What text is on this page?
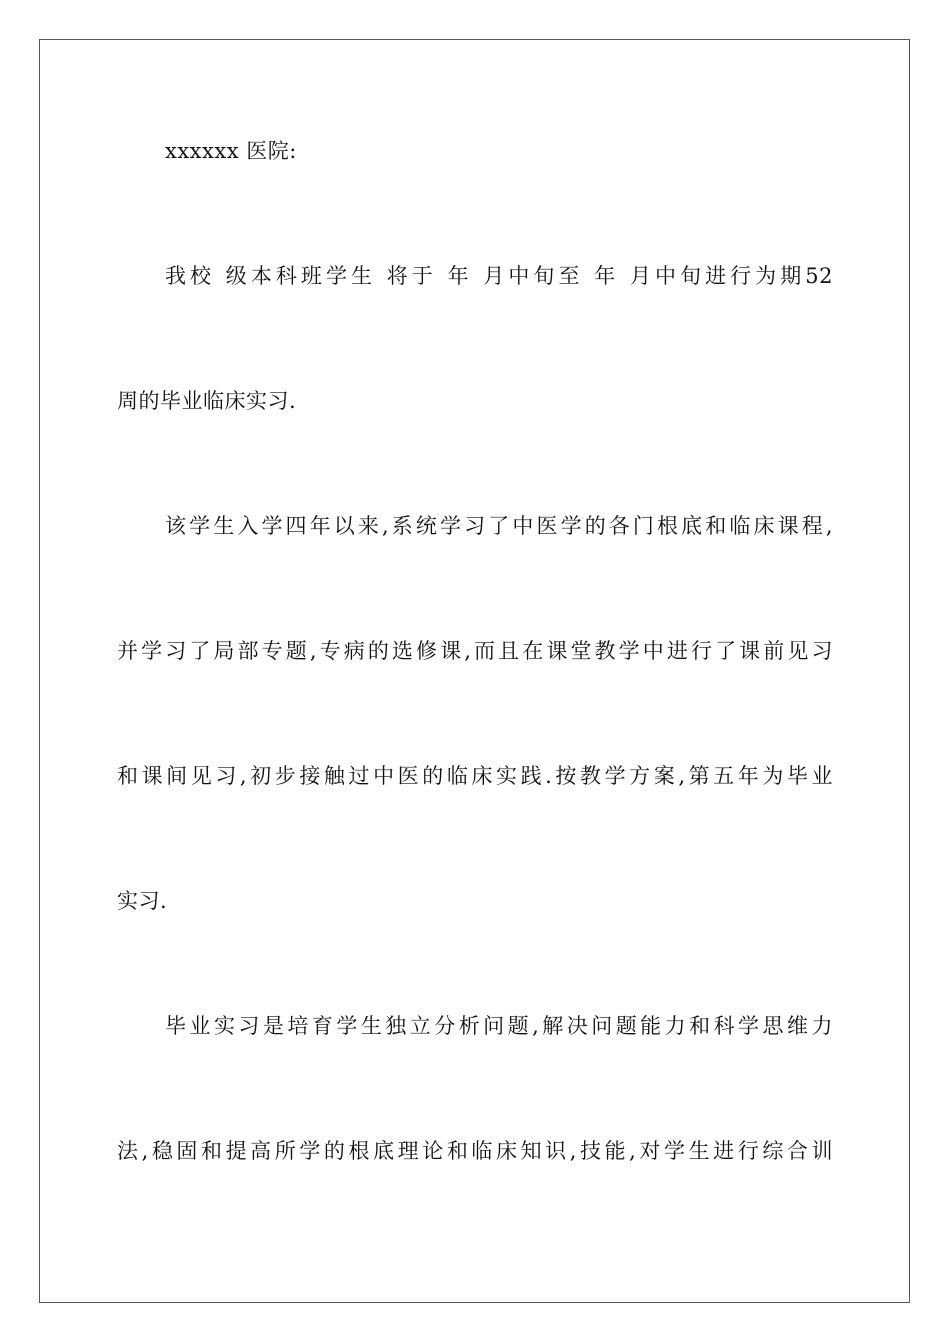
xxxxxx 医院:
我校 级本科班学生 将于 年 月中旬至 年 月中旬进行为期52
周的毕业临床实习.
该学生入学四年以来,系统学习了中医学的各门根底和临床课程,
并学习了局部专题,专病的选修课,而且在课堂教学中进行了课前见习
和课间见习,初步接触过中医的临床实践.按教学方案,第五年为毕业
实习.
毕业实习是培育学生独立分析问题,解决问题能力和科学思维力
法,稳固和提高所学的根底理论和临床知识,技能,对学生进行综合训
